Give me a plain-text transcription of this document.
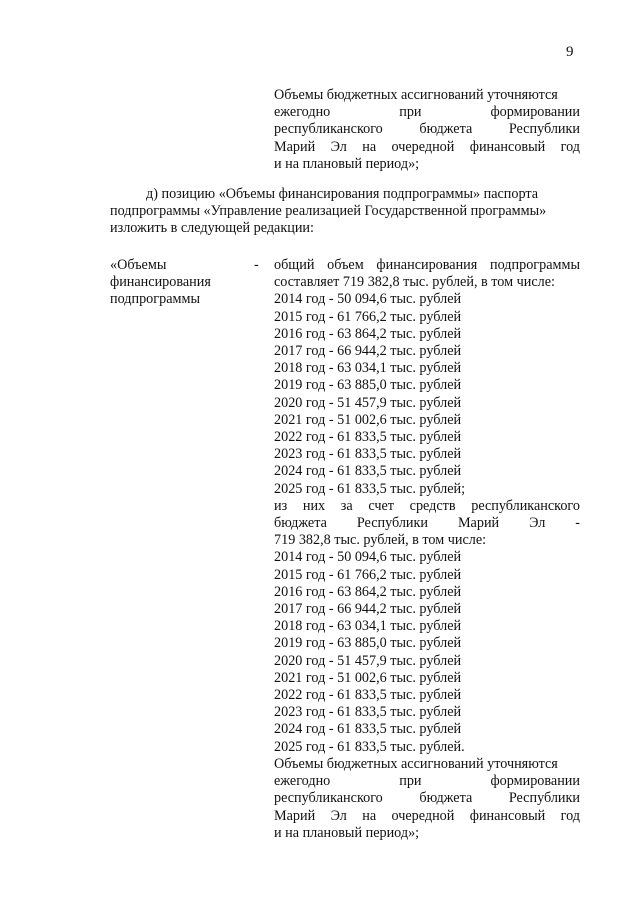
9
Объемы бюджетных ассигнований уточняются
ежегодно при формировании
республиканского бюджета Республики
Марий Эл на очередной финансовый год
и на плановый период»;
д) позицию «Объемы финансирования подпрограммы» паспорта
подпрограммы «Управление реализацией Государственной программы»
изложить в следующей редакции:
«Объемы
финансирования
подпрограммы
-	общий объем финансирования подпрограммы
составляет 719 382,8 тыс. рублей, в том числе:
2014 год - 50 094,6 тыс. рублей
2015 год - 61 766,2 тыс. рублей
2016 год - 63 864,2 тыс. рублей
2017 год - 66 944,2 тыс. рублей
2018 год - 63 034,1 тыс. рублей
2019 год - 63 885,0 тыс. рублей
2020 год - 51 457,9 тыс. рублей
2021 год - 51 002,6 тыс. рублей
2022 год - 61 833,5 тыс. рублей
2023 год - 61 833,5 тыс. рублей
2024 год - 61 833,5 тыс. рублей
2025 год - 61 833,5 тыс. рублей;
из них за счет средств республиканского
бюджета Республики Марий Эл -
719 382,8 тыс. рублей, в том числе:
2014 год - 50 094,6 тыс. рублей
2015 год - 61 766,2 тыс. рублей
2016 год - 63 864,2 тыс. рублей
2017 год - 66 944,2 тыс. рублей
2018 год - 63 034,1 тыс. рублей
2019 год - 63 885,0 тыс. рублей
2020 год - 51 457,9 тыс. рублей
2021 год - 51 002,6 тыс. рублей
2022 год - 61 833,5 тыс. рублей
2023 год - 61 833,5 тыс. рублей
2024 год - 61 833,5 тыс. рублей
2025 год - 61 833,5 тыс. рублей.
Объемы бюджетных ассигнований уточняются
ежегодно при формировании
республиканского бюджета Республики
Марий Эл на очередной финансовый год
и на плановый период»;
